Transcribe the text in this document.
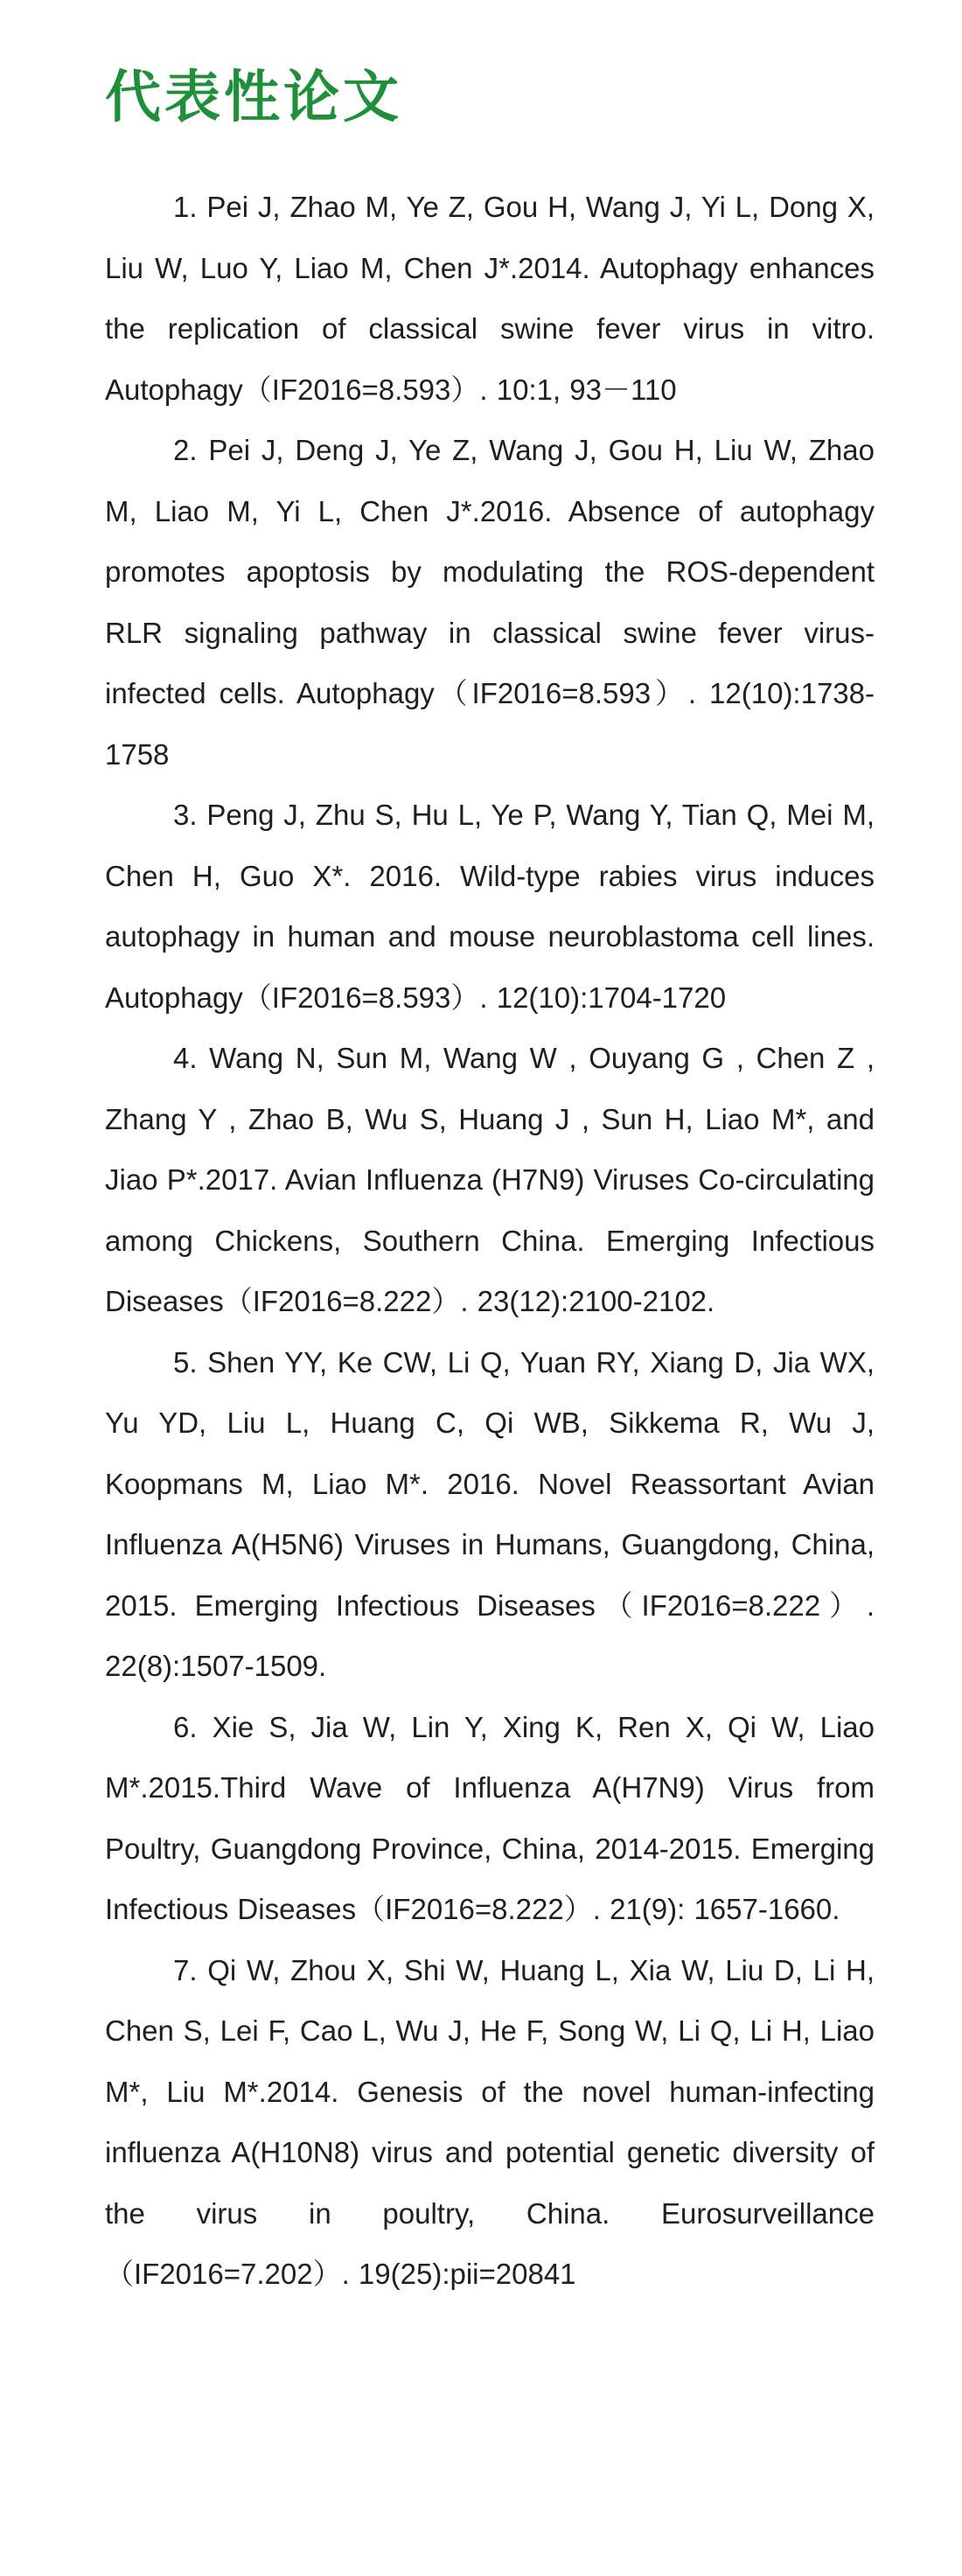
代表性论文

1. Pei J, Zhao M, Ye Z, Gou H, Wang J, Yi L, Dong X, Liu W, Luo Y, Liao M, Chen J*.2014. Autophagy enhances the replication of classical swine fever virus in vitro. Autophagy（IF2016=8.593）. 10:1, 93－110

2. Pei J, Deng J, Ye Z, Wang J, Gou H, Liu W, Zhao M, Liao M, Yi L, Chen J*.2016. Absence of autophagy promotes apoptosis by modulating the ROS-dependent RLR signaling pathway in classical swine fever virus-infected cells. Autophagy（IF2016=8.593）. 12(10):1738-1758

3. Peng J, Zhu S, Hu L, Ye P, Wang Y, Tian Q, Mei M, Chen H, Guo X*. 2016. Wild-type rabies virus induces autophagy in human and mouse neuroblastoma cell lines. Autophagy（IF2016=8.593）. 12(10):1704-1720

4. Wang N, Sun M, Wang W , Ouyang G , Chen Z , Zhang Y , Zhao B, Wu S, Huang J , Sun H, Liao M*, and Jiao P*.2017. Avian Influenza (H7N9) Viruses Co-circulating among Chickens, Southern China. Emerging Infectious Diseases（IF2016=8.222）. 23(12):2100-2102.

5. Shen YY, Ke CW, Li Q, Yuan RY, Xiang D, Jia WX, Yu YD, Liu L, Huang C, Qi WB, Sikkema R, Wu J, Koopmans M, Liao M*. 2016. Novel Reassortant Avian Influenza A(H5N6) Viruses in Humans, Guangdong, China, 2015. Emerging Infectious Diseases（IF2016=8.222）. 22(8):1507-1509.

6. Xie S, Jia W, Lin Y, Xing K, Ren X, Qi W, Liao M*.2015.Third Wave of Influenza A(H7N9) Virus from Poultry, Guangdong Province, China, 2014-2015. Emerging Infectious Diseases（IF2016=8.222）. 21(9): 1657-1660.

7. Qi W, Zhou X, Shi W, Huang L, Xia W, Liu D, Li H, Chen S, Lei F, Cao L, Wu J, He F, Song W, Li Q, Li H, Liao M*, Liu M*.2014. Genesis of the novel human-infecting influenza A(H10N8) virus and potential genetic diversity of the virus in poultry, China. Eurosurveillance（IF2016=7.202）. 19(25):pii=20841
